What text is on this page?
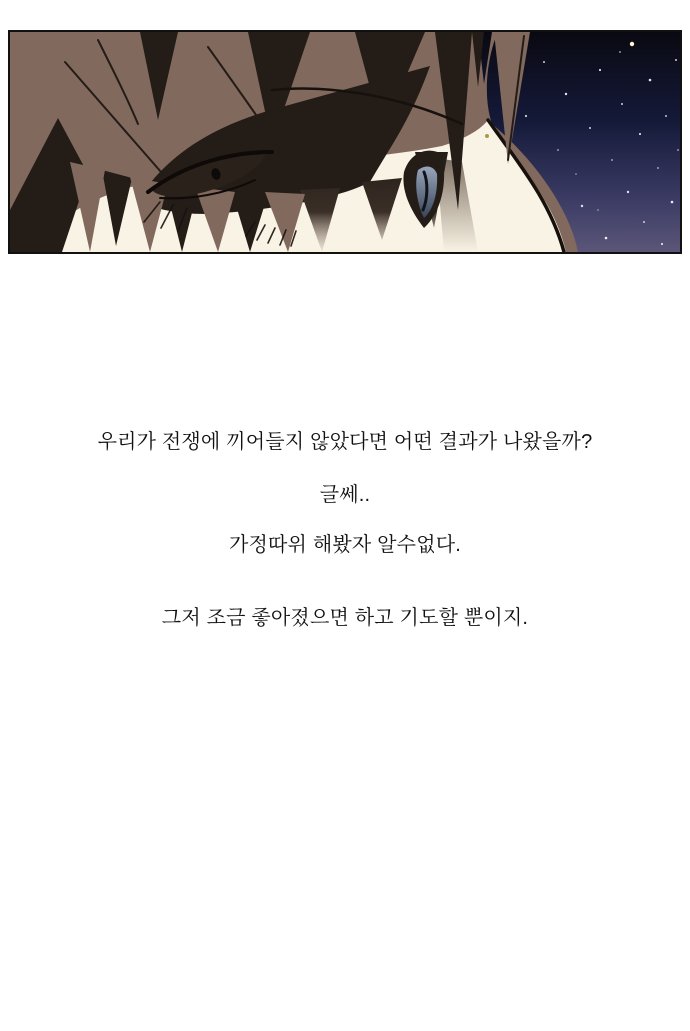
우리가 전쟁에 끼어들지 않았다면 어떤 결과가 나왔을까?

글쎄..

가정따위 해봤자 알수없다.

그저 조금 좋아졌으면 하고 기도할 뿐이지.
